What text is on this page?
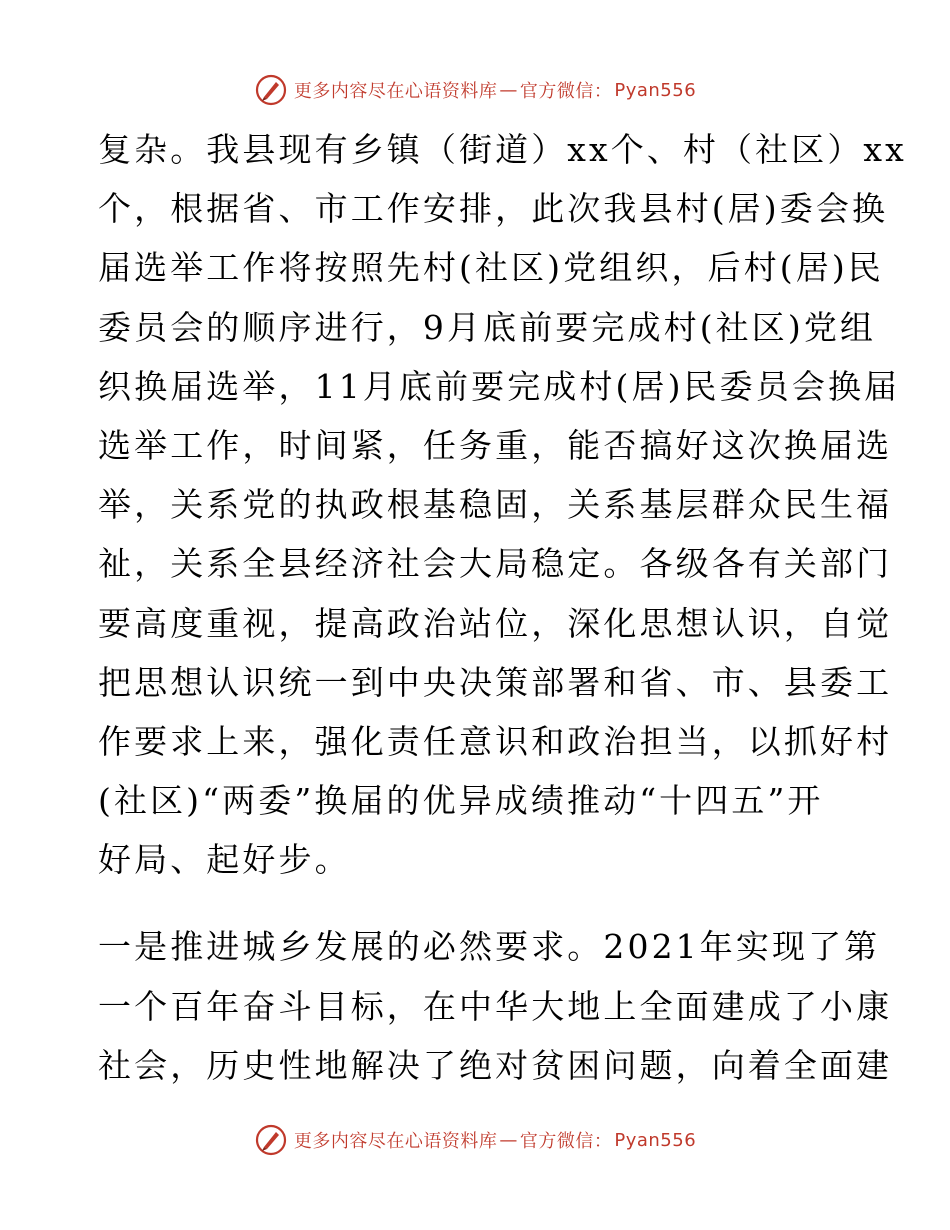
更多内容尽在心语资料库 — 官方微信： Pyan556
复杂。我县现有乡镇（街道）xx个、村（社区）xx
个，根据省、市工作安排，此次我县村(居)委会换
届选举工作将按照先村(社区)党组织，后村(居)民
委员会的顺序进行，9月底前要完成村(社区)党组
织换届选举，11月底前要完成村(居)民委员会换届
选举工作，时间紧，任务重，能否搞好这次换届选
举，关系党的执政根基稳固，关系基层群众民生福
祉，关系全县经济社会大局稳定。各级各有关部门
要高度重视，提高政治站位，深化思想认识，自觉
把思想认识统一到中央决策部署和省、市、县委工
作要求上来，强化责任意识和政治担当，以抓好村
(社区)“两委”换届的优异成绩推动“十四五”开
好局、起好步。
一是推进城乡发展的必然要求。2021年实现了第
一个百年奋斗目标，在中华大地上全面建成了小康
社会，历史性地解决了绝对贫困问题，向着全面建
更多内容尽在心语资料库 — 官方微信： Pyan556
